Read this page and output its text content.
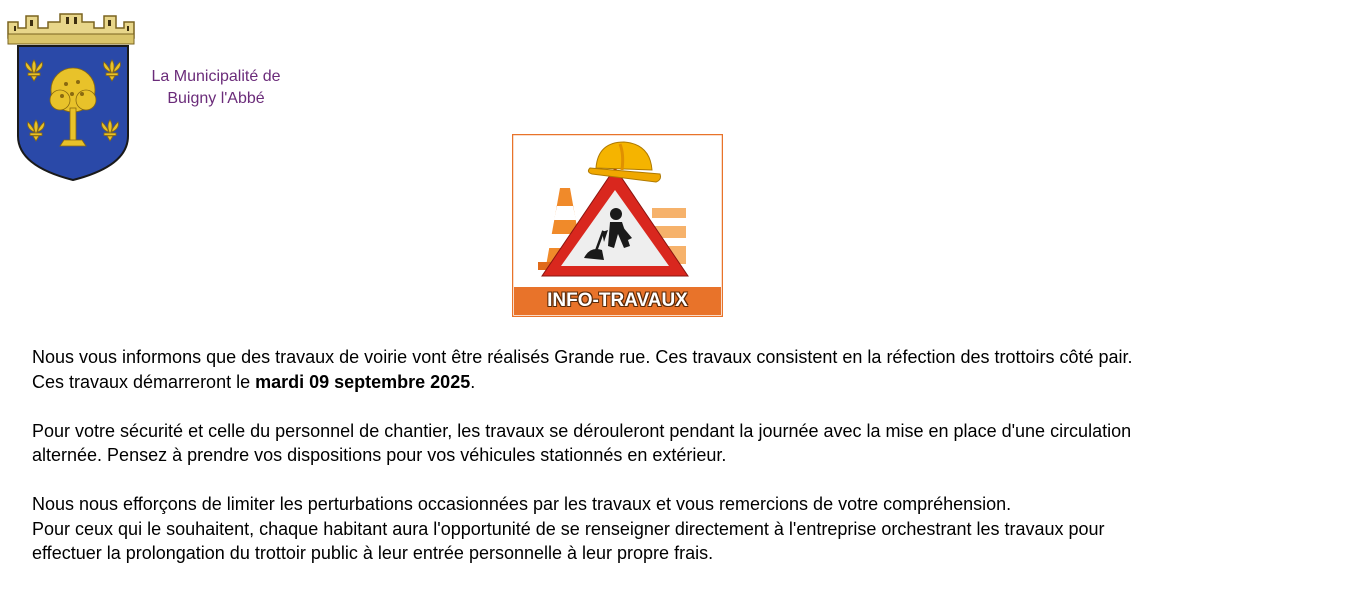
La Municipalité de
Buigny l'Abbé
INFO-TRAVAUX

Nous vous informons que des travaux de voirie vont être réalisés Grande rue. Ces travaux consistent en la réfection des trottoirs côté pair.
Ces travaux démarreront le mardi 09 septembre 2025.

Pour votre sécurité et celle du personnel de chantier, les travaux se dérouleront pendant la journée avec la mise en place d'une circulation
alternée. Pensez à prendre vos dispositions pour vos véhicules stationnés en extérieur.

Nous nous efforçons de limiter les perturbations occasionnées par les travaux et vous remercions de votre compréhension.
Pour ceux qui le souhaitent, chaque habitant aura l'opportunité de se renseigner directement à l'entreprise orchestrant les travaux pour
effectuer la prolongation du trottoir public à leur entrée personnelle à leur propre frais.
